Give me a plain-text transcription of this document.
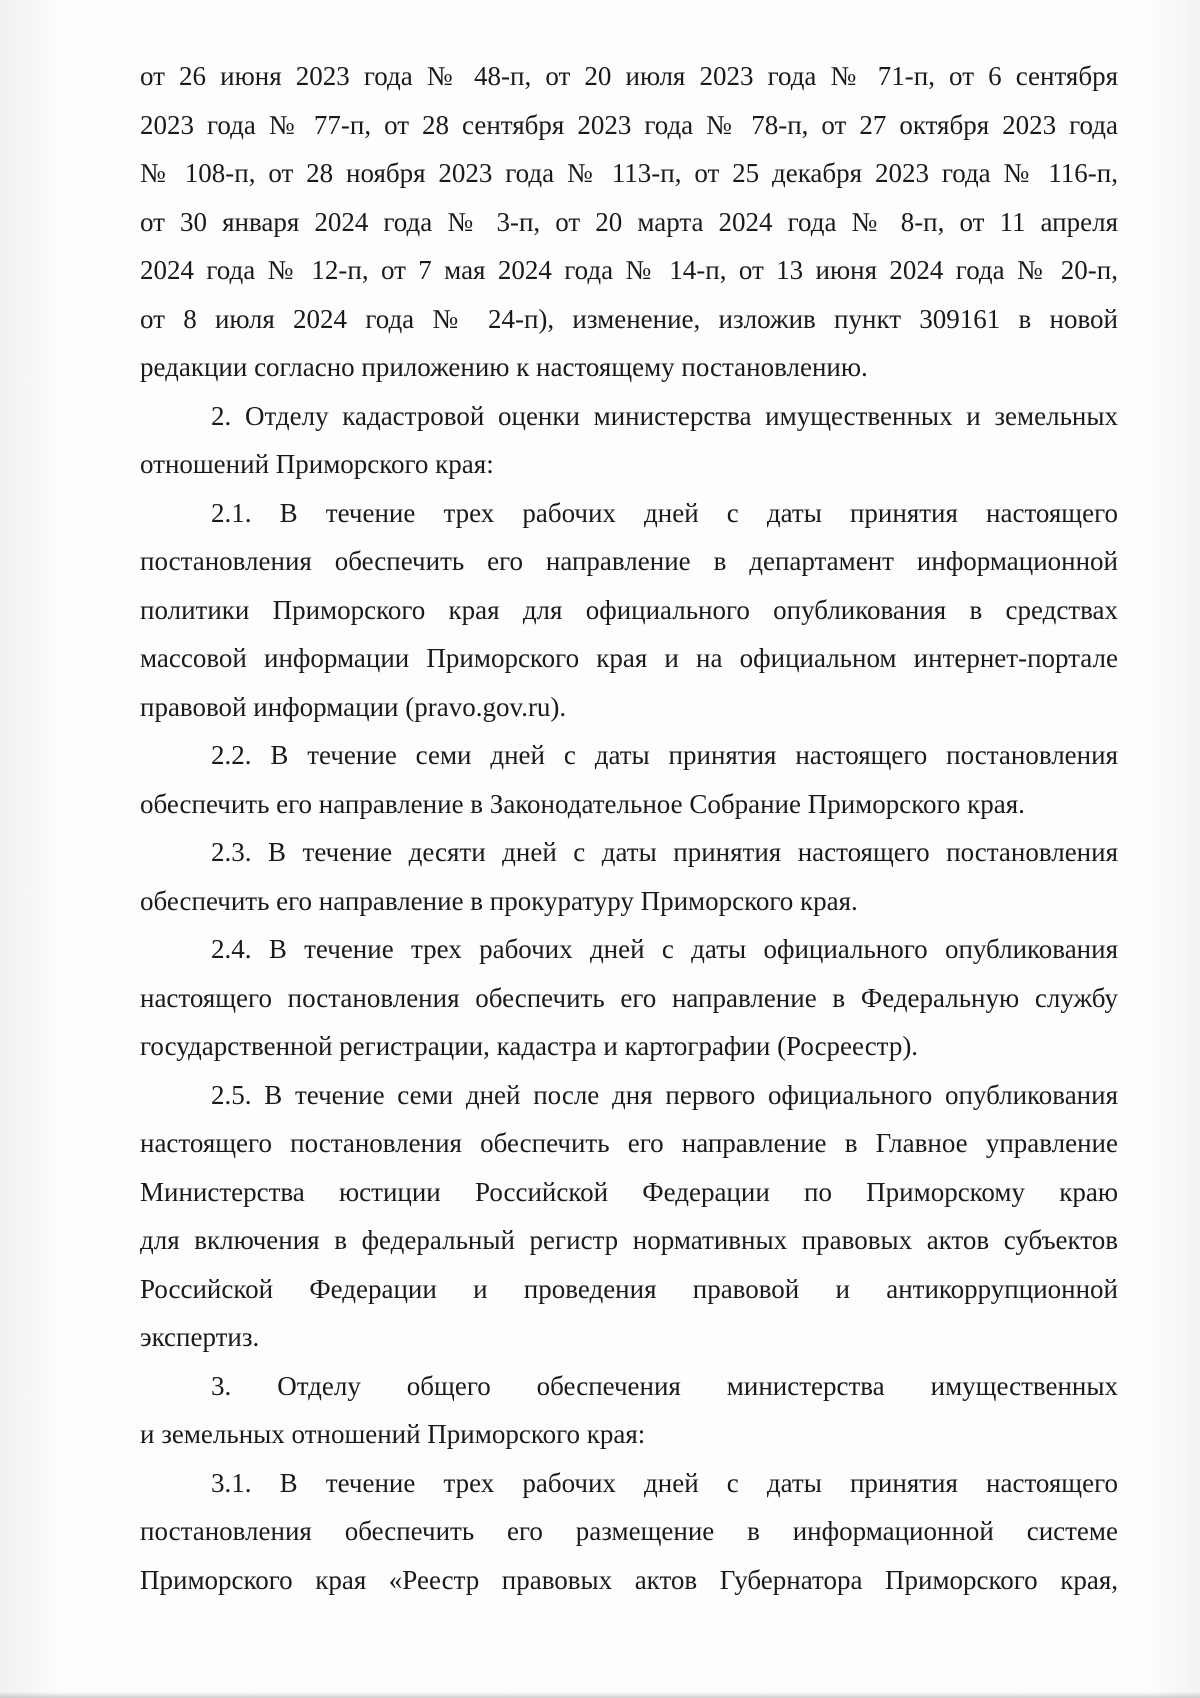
от 26 июня 2023 года № 48-п, от 20 июля 2023 года № 71-п, от 6 сентября
2023 года № 77-п, от 28 сентября 2023 года № 78-п, от 27 октября 2023 года
№ 108-п, от 28 ноября 2023 года № 113-п, от 25 декабря 2023 года № 116-п,
от 30 января 2024 года № 3-п, от 20 марта 2024 года № 8-п, от 11 апреля
2024 года № 12-п, от 7 мая 2024 года № 14-п, от 13 июня 2024 года № 20-п,
от 8 июля 2024 года № 24-п), изменение, изложив пункт 309161 в новой
редакции согласно приложению к настоящему постановлению.
2. Отделу кадастровой оценки министерства имущественных и земельных
отношений Приморского края:
2.1. В течение трех рабочих дней с даты принятия настоящего
постановления обеспечить его направление в департамент информационной
политики Приморского края для официального опубликования в средствах
массовой информации Приморского края и на официальном интернет-портале
правовой информации (pravo.gov.ru).
2.2. В течение семи дней с даты принятия настоящего постановления
обеспечить его направление в Законодательное Собрание Приморского края.
2.3. В течение десяти дней с даты принятия настоящего постановления
обеспечить его направление в прокуратуру Приморского края.
2.4. В течение трех рабочих дней с даты официального опубликования
настоящего постановления обеспечить его направление в Федеральную службу
государственной регистрации, кадастра и картографии (Росреестр).
2.5. В течение семи дней после дня первого официального опубликования
настоящего постановления обеспечить его направление в Главное управление
Министерства юстиции Российской Федерации по Приморскому краю
для включения в федеральный регистр нормативных правовых актов субъектов
Российской Федерации и проведения правовой и антикоррупционной
экспертиз.
3. Отделу общего обеспечения министерства имущественных
и земельных отношений Приморского края:
3.1. В течение трех рабочих дней с даты принятия настоящего
постановления обеспечить его размещение в информационной системе
Приморского края «Реестр правовых актов Губернатора Приморского края,
